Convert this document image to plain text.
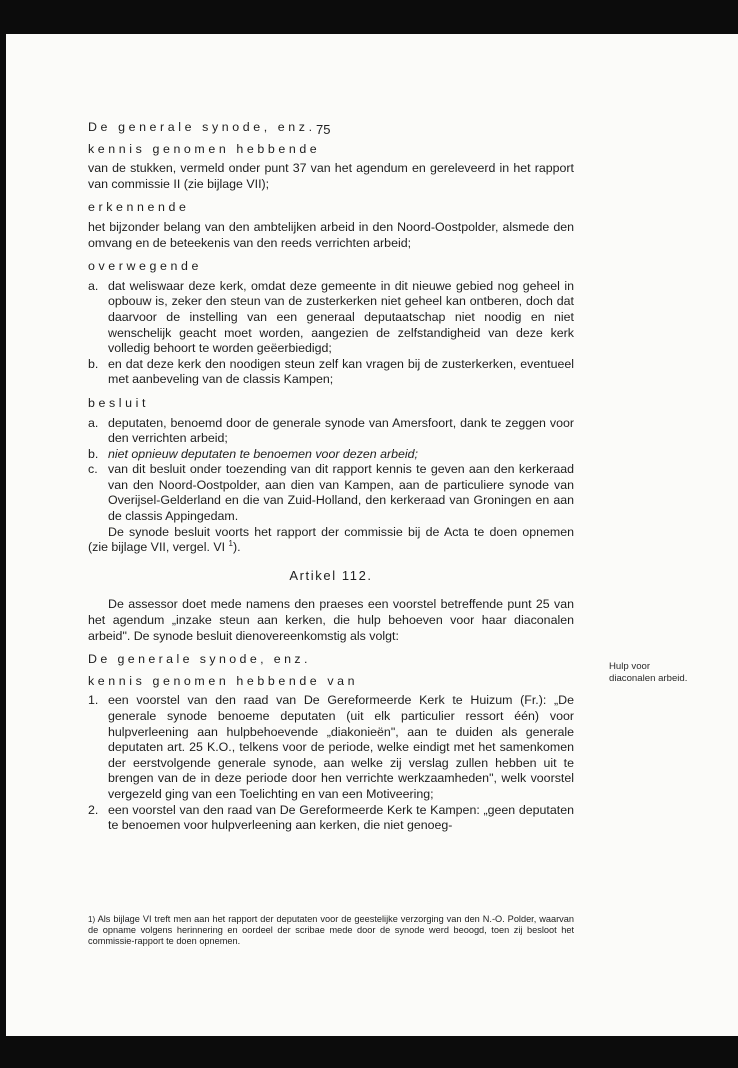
75
De generale synode, enz.
kennis genomen hebbende

van de stukken, vermeld onder punt 37 van het agendum en gereleveerd in het rapport van commissie II (zie bijlage VII);

erkennende

het bijzonder belang van den ambtelijken arbeid in den Noord-Oostpolder, alsmede den omvang en de beteekenis van den reeds verrichten arbeid;

overwegende
a. dat weliswaar deze kerk, omdat deze gemeente in dit nieuwe gebied nog geheel in opbouw is, zeker den steun van de zusterkerken niet geheel kan ontberen, doch dat daarvoor de instelling van een generaal deputaatschap niet noodig en niet wenschelijk geacht moet worden, aangezien de zelfstandigheid van deze kerk volledig behoort te worden geëerbiedigd;
b. en dat deze kerk den noodigen steun zelf kan vragen bij de zusterkerken, eventueel met aanbeveling van de classis Kampen;
besluit
a. deputaten, benoemd door de generale synode van Amersfoort, dank te zeggen voor den verrichten arbeid;
b. niet opnieuw deputaten te benoemen voor dezen arbeid;
c. van dit besluit onder toezending van dit rapport kennis te geven aan den kerkeraad van den Noord-Oostpolder, aan dien van Kampen, aan de particuliere synode van Overijsel-Gelderland en die van Zuid-Holland, den kerkeraad van Groningen en aan de classis Appingedam.

De synode besluit voorts het rapport der commissie bij de Acta te doen opnemen (zie bijlage VII, vergel. VI $^1$).

Artikel 112.

De assessor doet mede namens den praeses een voorstel betreffende punt 25 van het agendum „inzake steun aan kerken, die hulp behoeven voor haar diaconalen arbeid". De synode besluit dienovereenkomstig als volgt:

De generale synode, enz.
kennis genomen hebbende van
1. een voorstel van den raad van De Gereformeerde Kerk te Huizum (Fr.): „De generale synode benoeme deputaten (uit elk particulier ressort één) voor hulpverleening aan hulpbehoevende „diakonieën", aan te duiden als generale deputaten art. 25 K.O., telkens voor de periode, welke eindigt met het samenkomen der eerstvolgende generale synode, aan welke zij verslag zullen hebben uit te brengen van de in deze periode door hen verrichte werkzaamheden", welk voorstel vergezeld ging van een Toelichting en van een Motiveering;
2. een voorstel van den raad van De Gereformeerde Kerk te Kampen: „geen deputaten te benoemen voor hulpverleening aan kerken, die niet genoeg-
Hulp voor diaconalen arbeid.
1) Als bijlage VI treft men aan het rapport der deputaten voor de geestelijke verzorging van den N.-O. Polder, waarvan de opname volgens herinnering en oordeel der scribae mede door de synode werd beoogd, toen zij besloot het commissie-rapport te doen opnemen.
